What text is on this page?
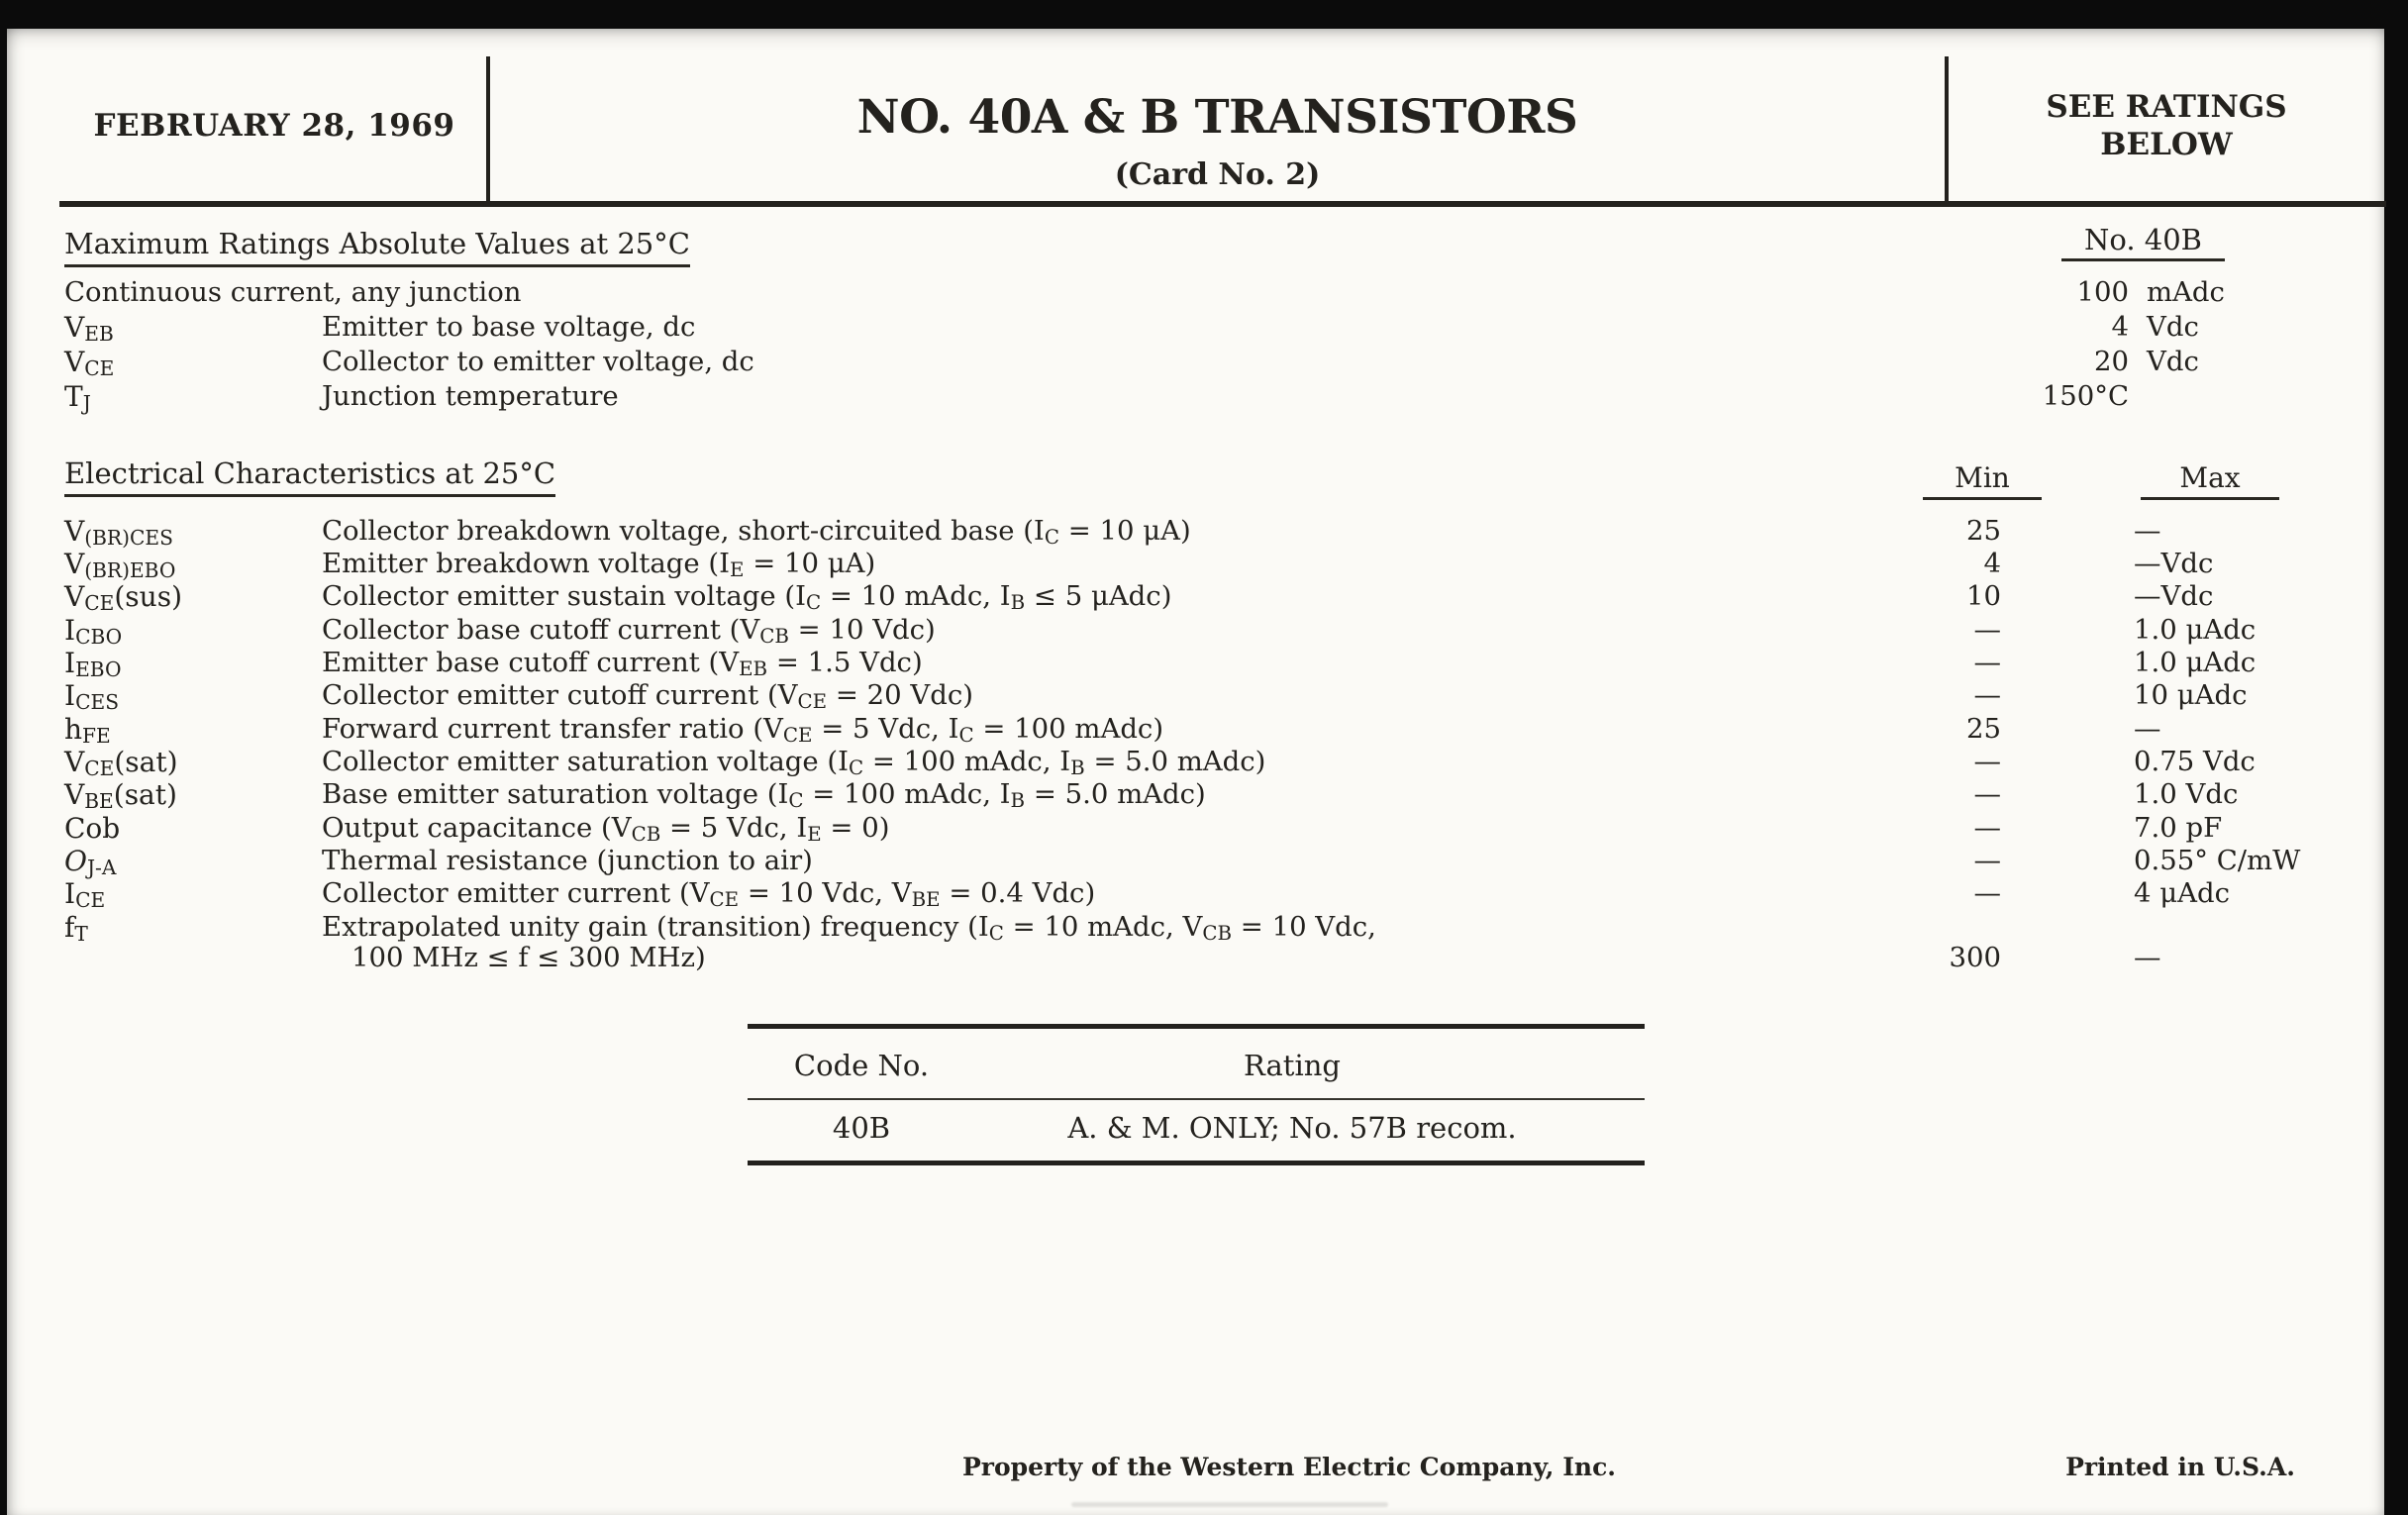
FEBRUARY 28, 1969	NO. 40A & B TRANSISTORS
(Card No. 2)
SEE RATINGS
BELOW
Maximum Ratings Absolute Values at 25°C	No. 40B
Continuous current, any junction	100 mAdc
$V_{EB}$	Emitter to base voltage, dc	4 Vdc
$V_{CE}$	Collector to emitter voltage, dc	20 Vdc
$T_J$	Junction temperature	150°C
Electrical Characteristics at 25°C	Min	Max
$V_{(BR)CES}$	Collector breakdown voltage, short-circuited base ($I_C = 10$ μA)	25	—
$V_{(BR)EBO}$	Emitter breakdown voltage ($I_E = 10$ μA)	4	—Vdc
$V_{CE}(sus)$	Collector emitter sustain voltage ($I_C = 10$ mAdc, $I_B \le 5$ μAdc)	10	—Vdc
$I_{CBO}$	Collector base cutoff current ($V_{CB} = 10$ Vdc)	—	1.0 μAdc
$I_{EBO}$	Emitter base cutoff current ($V_{EB} = 1.5$ Vdc)	—	1.0 μAdc
$I_{CES}$	Collector emitter cutoff current ($V_{CE} = 20$ Vdc)	—	10 μAdc
$h_{FE}$	Forward current transfer ratio ($V_{CE} = 5$ Vdc, $I_C = 100$ mAdc)	25	—
$V_{CE}(sat)$	Collector emitter saturation voltage ($I_C = 100$ mAdc, $I_B = 5.0$ mAdc)	—	0.75 Vdc
$V_{BE}(sat)$	Base emitter saturation voltage ($I_C = 100$ mAdc, $I_B = 5.0$ mAdc)	—	1.0 Vdc
Cob	Output capacitance ($V_{CB} = 5$ Vdc, $I_E = 0$)	—	7.0 pF
$O_{J-A}$	Thermal resistance (junction to air)	—	0.55° C/mW
$I_{CE}$	Collector emitter current ($V_{CE} = 10$ Vdc, $V_{BE} = 0.4$ Vdc)	—	4 μAdc
$f_T$	Extrapolated unity gain (transition) frequency ($I_C = 10$ mAdc, $V_{CB} = 10$ Vdc,
100 MHz ≤ f ≤ 300 MHz)	300	—
Code No.	Rating
40B	A. & M. ONLY; No. 57B recom.
Property of the Western Electric Company, Inc.	Printed in U.S.A.
